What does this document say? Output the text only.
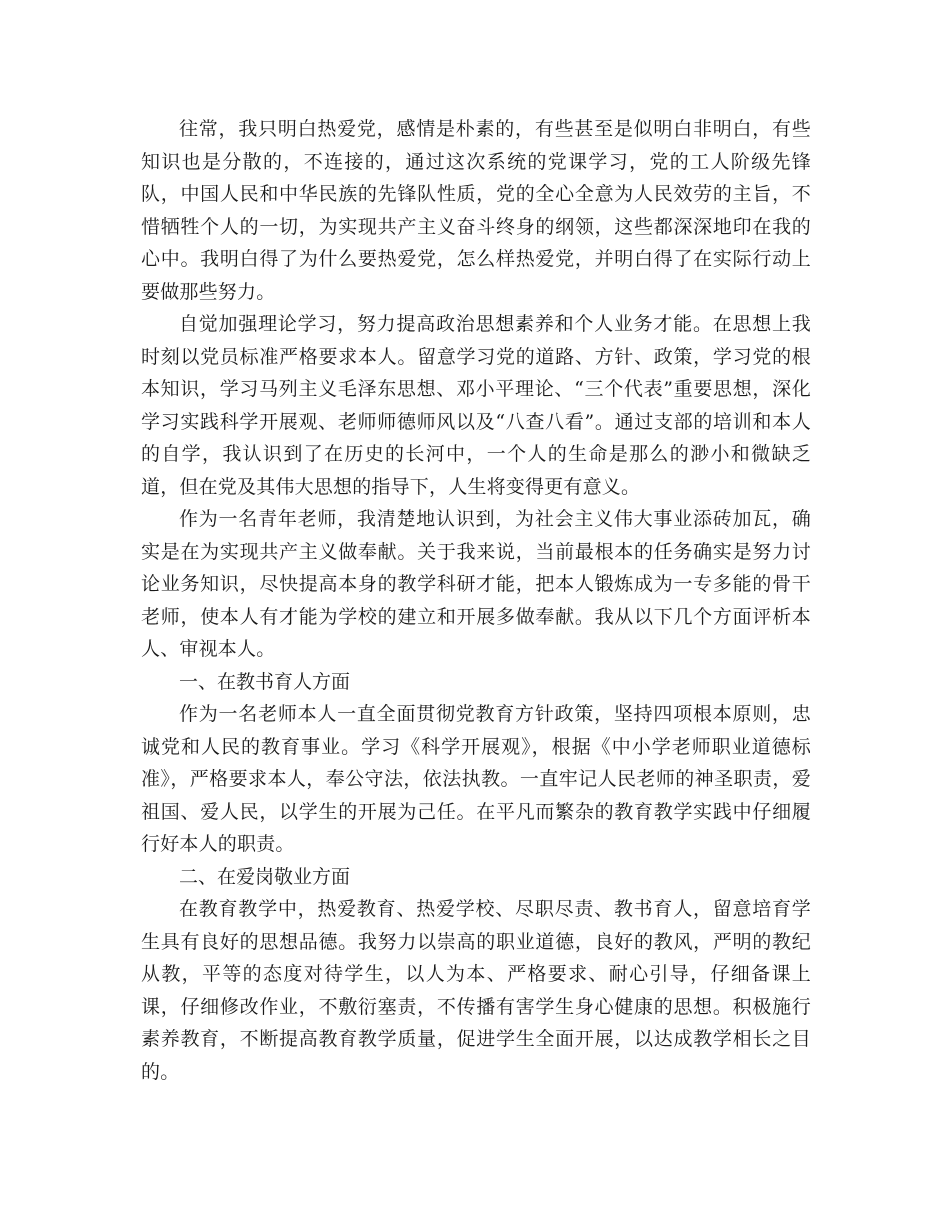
往常，我只明白热爱党，感情是朴素的，有些甚至是似明白非明白，有些知识也是分散的，不连接的，通过这次系统的党课学习，党的工人阶级先锋队，中国人民和中华民族的先锋队性质，党的全心全意为人民效劳的主旨，不惜牺牲个人的一切，为实现共产主义奋斗终身的纲领，这些都深深地印在我的心中。我明白得了为什么要热爱党，怎么样热爱党，并明白得了在实际行动上要做那些努力。

自觉加强理论学习，努力提高政治思想素养和个人业务才能。在思想上我时刻以党员标准严格要求本人。留意学习党的道路、方针、政策，学习党的根本知识，学习马列主义毛泽东思想、邓小平理论、“三个代表”重要思想，深化学习实践科学开展观、老师师德师风以及“八查八看”。通过支部的培训和本人的自学，我认识到了在历史的长河中，一个人的生命是那么的渺小和微缺乏道，但在党及其伟大思想的指导下，人生将变得更有意义。

作为一名青年老师，我清楚地认识到，为社会主义伟大事业添砖加瓦，确实是在为实现共产主义做奉献。关于我来说，当前最根本的任务确实是努力讨论业务知识，尽快提高本身的教学科研才能，把本人锻炼成为一专多能的骨干老师，使本人有才能为学校的建立和开展多做奉献。我从以下几个方面评析本人、审视本人。

一、在教书育人方面

作为一名老师本人一直全面贯彻党教育方针政策，坚持四项根本原则，忠诚党和人民的教育事业。学习《科学开展观》，根据《中小学老师职业道德标准》，严格要求本人，奉公守法，依法执教。一直牢记人民老师的神圣职责，爱祖国、爱人民，以学生的开展为己任。在平凡而繁杂的教育教学实践中仔细履行好本人的职责。

二、在爱岗敬业方面

在教育教学中，热爱教育、热爱学校、尽职尽责、教书育人，留意培育学生具有良好的思想品德。我努力以崇高的职业道德，良好的教风，严明的教纪从教，平等的态度对待学生，以人为本、严格要求、耐心引导，仔细备课上课，仔细修改作业，不敷衍塞责，不传播有害学生身心健康的思想。积极施行素养教育，不断提高教育教学质量，促进学生全面开展，以达成教学相长之目的。
